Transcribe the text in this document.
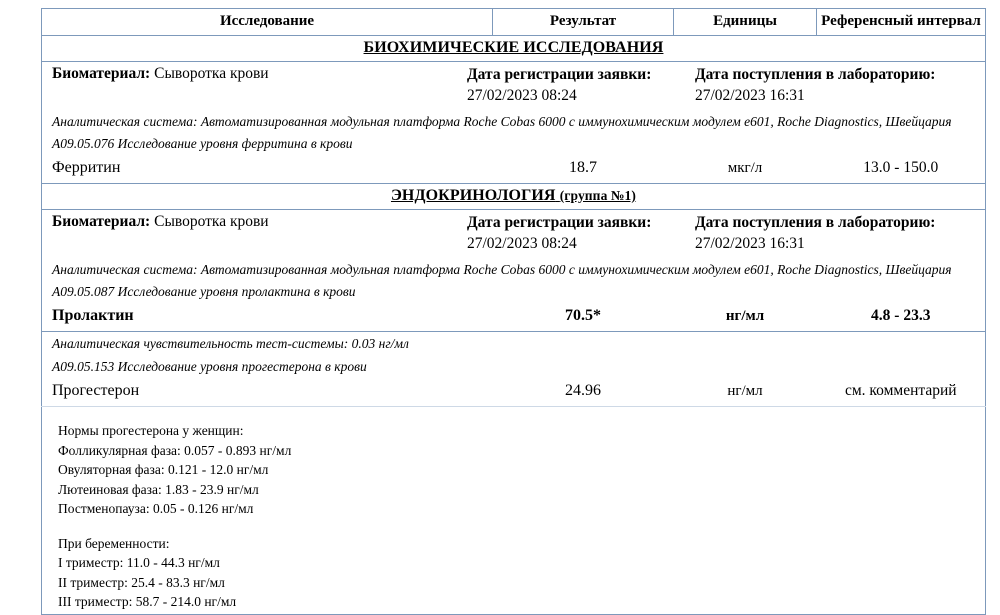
Исследование	Результат	Единицы	Референсный интервал
БИОХИМИЧЕСКИЕ ИССЛЕДОВАНИЯ			

Биоматериал: Сыворотка крови Дата регистрации заявки:
27/02/2023 08:24
Дата поступления в лабораторию:
27/02/2023 16:31			

Аналитическая система: Автоматизированная модульная платформа Roche Cobas 6000 с иммунохимическим модулем e601, Roche Diagnostics, Швейцария			

A09.05.076 Исследование уровня ферритина в крови			

Ферритин	18.7	мкг/л	13.0 - 150.0
ЭНДОКРИНОЛОГИЯ (группа №1)			

Биоматериал: Сыворотка крови Дата регистрации заявки:
27/02/2023 08:24
Дата поступления в лабораторию:
27/02/2023 16:31			

Аналитическая система: Автоматизированная модульная платформа Roche Cobas 6000 с иммунохимическим модулем e601, Roche Diagnostics, Швейцария			

A09.05.087 Исследование уровня пролактина в крови			

Пролактин	70.5*	нг/мл	4.8 - 23.3

Аналитическая чувствительность тест-системы: 0.03 нг/мл			

A09.05.153 Исследование уровня прогестерона в крови			

Прогестерон	24.96	нг/мл	см. комментарий

Нормы прогестерона у женщин:
Фолликулярная фаза: 0.057 - 0.893 нг/мл
Овуляторная фаза: 0.121 - 12.0 нг/мл
Лютеиновая фаза: 1.83 - 23.9 нг/мл
Постменопауза: 0.05 - 0.126 нг/мл
При беременности:
I триместр: 11.0 - 44.3 нг/мл
II триместр: 25.4 - 83.3 нг/мл
III триместр: 58.7 - 214.0 нг/мл
